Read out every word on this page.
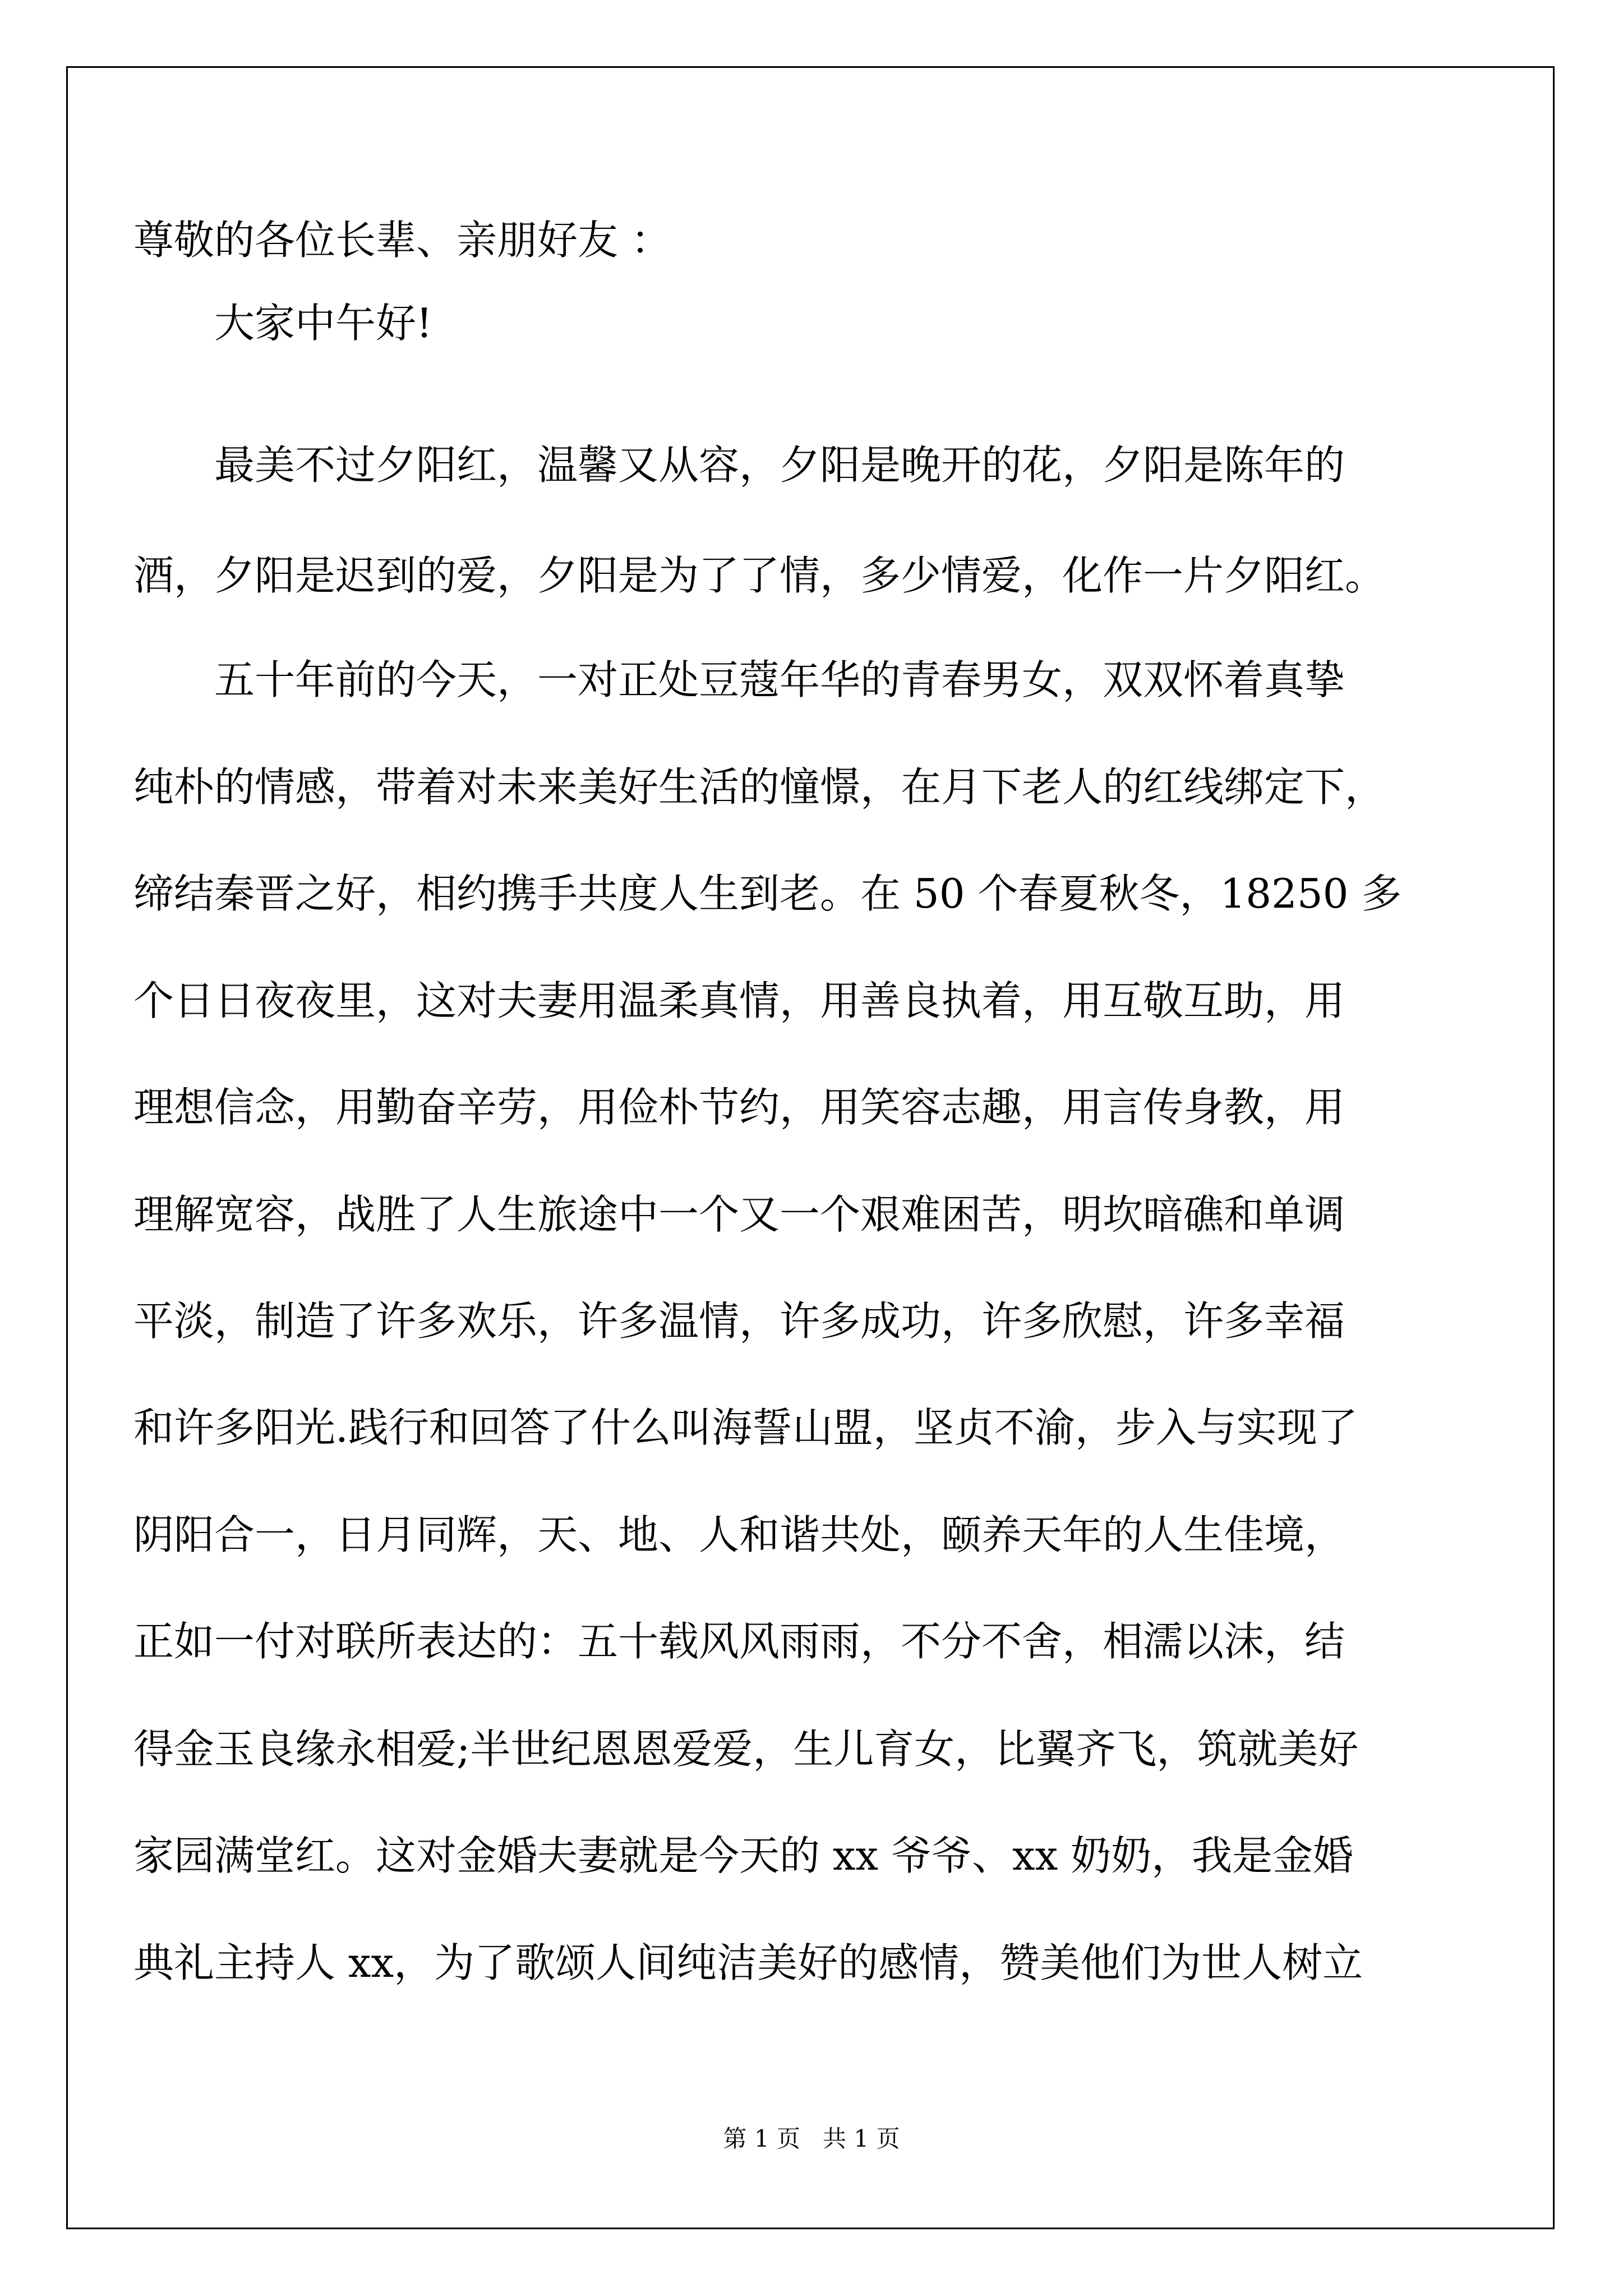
尊敬的各位长辈、亲朋好友 ：
大家中午好!
最美不过夕阳红，温馨又从容，夕阳是晚开的花，夕阳是陈年的
酒，夕阳是迟到的爱，夕阳是为了了情，多少情爱，化作一片夕阳红。
五十年前的今天，一对正处豆蔻年华的青春男女，双双怀着真挚
纯朴的情感，带着对未来美好生活的憧憬，在月下老人的红线绑定下，
缔结秦晋之好，相约携手共度人生到老。在 50 个春夏秋冬，18250 多
个日日夜夜里，这对夫妻用温柔真情，用善良执着，用互敬互助，用
理想信念，用勤奋辛劳，用俭朴节约，用笑容志趣，用言传身教，用
理解宽容，战胜了人生旅途中一个又一个艰难困苦，明坎暗礁和单调
平淡，制造了许多欢乐，许多温情，许多成功，许多欣慰，许多幸福
和许多阳光.践行和回答了什么叫海誓山盟，坚贞不渝，步入与实现了
阴阳合一，日月同辉，天、地、人和谐共处，颐养天年的人生佳境，
正如一付对联所表达的：五十载风风雨雨，不分不舍，相濡以沫，结
得金玉良缘永相爱;半世纪恩恩爱爱，生儿育女，比翼齐飞，筑就美好
家园满堂红。这对金婚夫妻就是今天的 xx 爷爷、xx 奶奶，我是金婚
典礼主持人 xx，为了歌颂人间纯洁美好的感情，赞美他们为世人树立
第 1 页   共 1 页
